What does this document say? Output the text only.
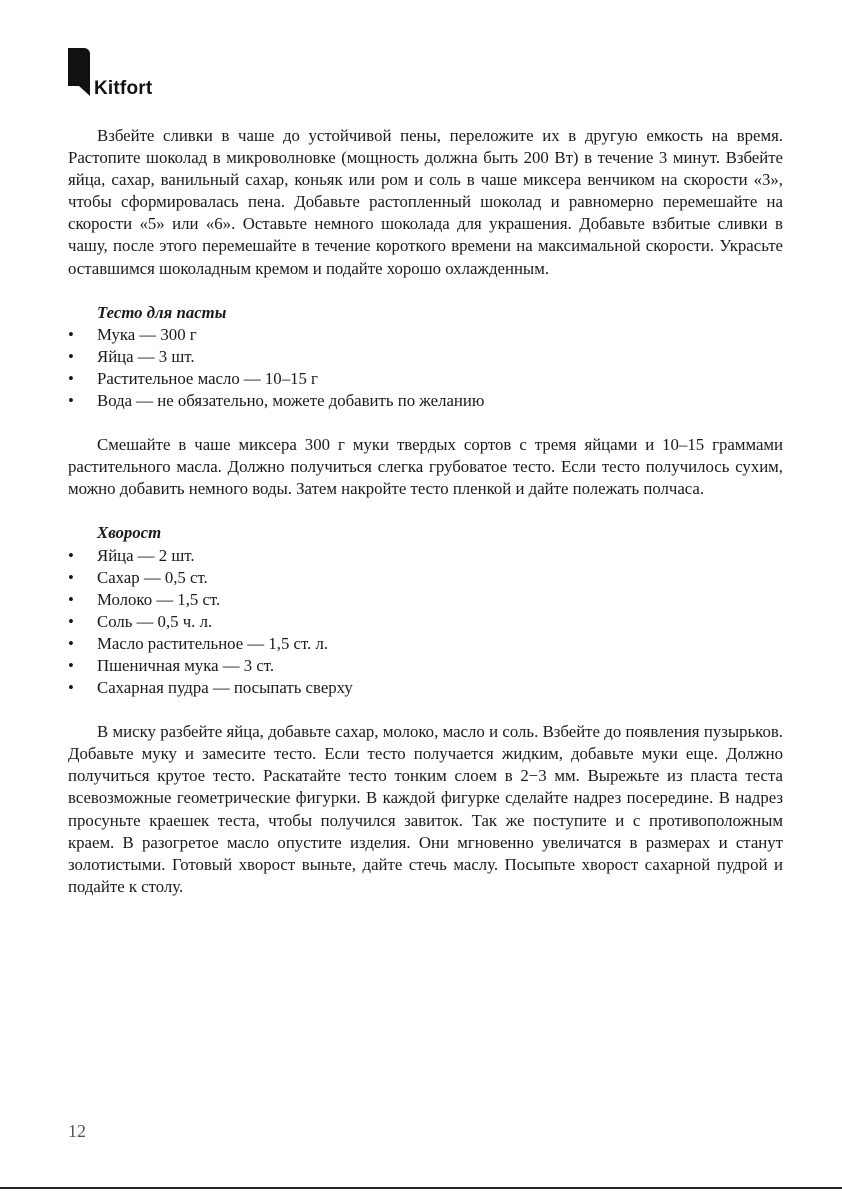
Kitfort

Взбейте сливки в чаше до устойчивой пены, переложите их в другую емкость на время. Растопите шоколад в микроволновке (мощность должна быть 200 Вт) в течение 3 минут. Взбейте яйца, сахар, ванильный сахар, коньяк или ром и соль в чаше миксера венчиком на скорости «3», чтобы сформировалась пена. Добавьте растопленный шоколад и равномерно перемешайте на скорости «5» или «6». Оставьте немного шоколада для украшения. Добавьте взбитые сливки в чашу, после этого перемешайте в течение короткого времени на максимальной скорости. Украсьте оставшимся шоколадным кремом и подайте хорошо охлажденным.

Тесто для пасты
• Мука — 300 г
• Яйца — 3 шт.
• Растительное масло — 10–15 г
• Вода — не обязательно, можете добавить по желанию

Смешайте в чаше миксера 300 г муки твердых сортов с тремя яйцами и 10–15 граммами растительного масла. Должно получиться слегка грубоватое тесто. Если тесто получилось сухим, можно добавить немного воды. Затем накройте тесто пленкой и дайте полежать полчаса.

Хворост
• Яйца — 2 шт.
• Сахар — 0,5 ст.
• Молоко — 1,5 ст.
• Соль — 0,5 ч. л.
• Масло растительное — 1,5 ст. л.
• Пшеничная мука — 3 ст.
• Сахарная пудра — посыпать сверху

В миску разбейте яйца, добавьте сахар, молоко, масло и соль. Взбейте до появления пузырьков. Добавьте муку и замесите тесто. Если тесто получается жидким, добавьте муки еще. Должно получиться крутое тесто. Раскатайте тесто тонким слоем в 2−3 мм. Вырежьте из пласта теста всевозможные геометрические фигурки. В каждой фигурке сделайте надрез посередине. В надрез просуньте краешек теста, чтобы получился завиток. Так же поступите и с противоположным краем. В разогретое масло опустите изделия. Они мгновенно увеличатся в размерах и станут золотистыми. Готовый хворост выньте, дайте стечь маслу. Посыпьте хворост сахарной пудрой и подайте к столу.

12
